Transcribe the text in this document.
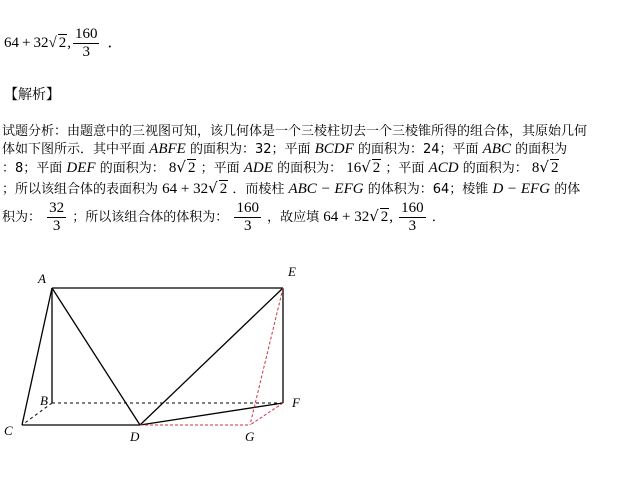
64 + 32√ 2, $\frac{160}{3}$ ．
【解析】
试题分析：由题意中的三视图可知，该几何体是一个三棱柱切去一个三棱锥所得的组合体，其原始几何
体如下图所示．其中平面 ABFE 的面积为：32；平面 BCDF 的面积为：24；平面 ABC 的面积为
：8；平面 DEF 的面积为： 8√ 2 ；平面 ADE 的面积为： 16√ 2 ；平面 ACD 的面积为： 8√ 2
；所以该组合体的表面积为 64 + 32√ 2 ．而棱柱 ABC − EFG 的体积为：64；棱锥 D − EFG 的体
积为： $\frac{32}{3}$ ；所以该组合体的体积为： $\frac{160}{3}$ ，故应填 64 + 32√ 2, $\frac{160}{3}$ ．
A	E
B	F
C	D	G
